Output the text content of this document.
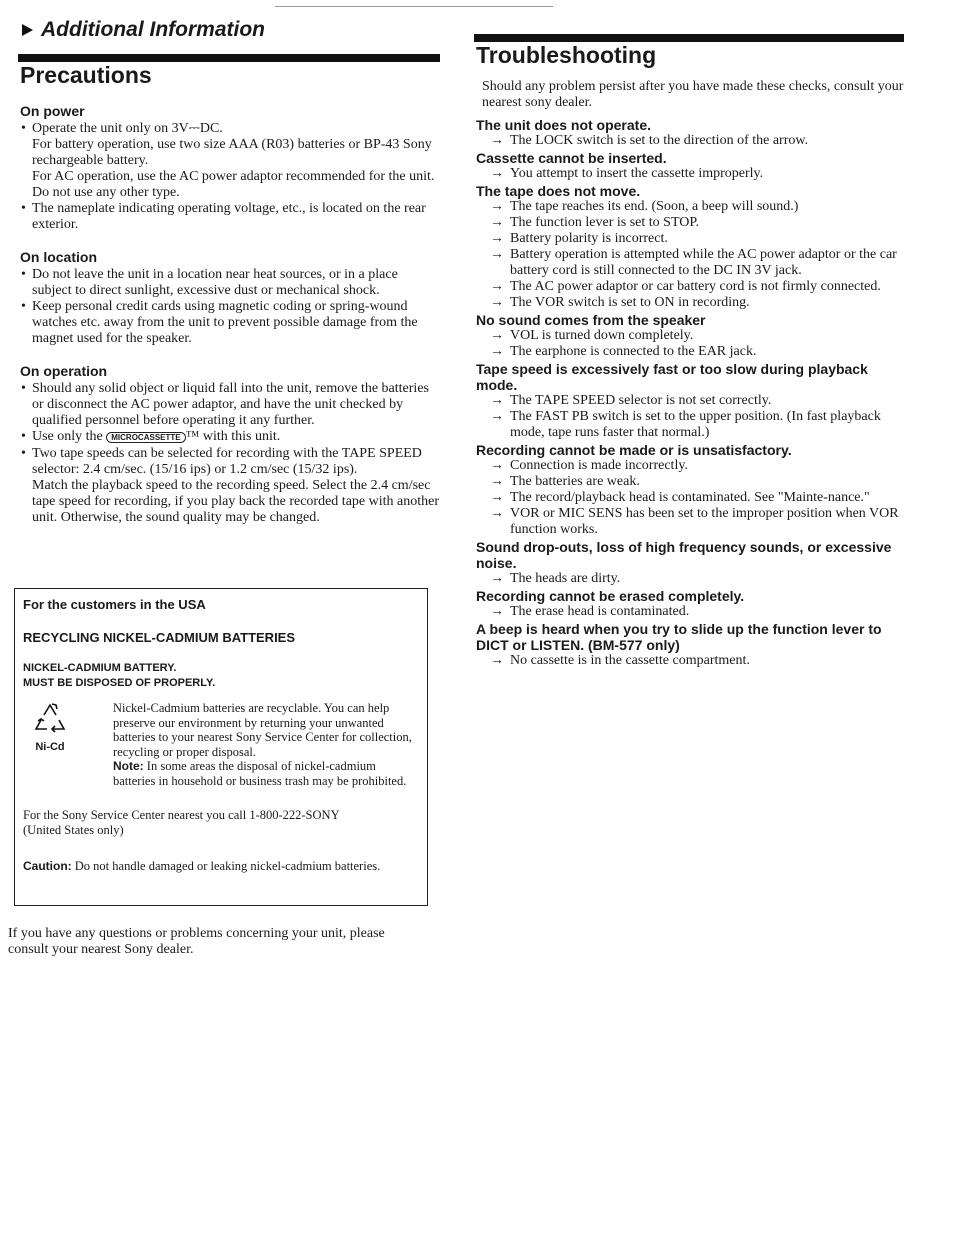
Additional Information
Precautions
On power
• Operate the unit only on 3V⎓DC.
For battery operation, use two size AAA (R03) batteries or BP-43 Sony rechargeable battery.
For AC operation, use the AC power adaptor recommended for the unit. Do not use any other type.
• The nameplate indicating operating voltage, etc., is located on the rear exterior.
On location
• Do not leave the unit in a location near heat sources, or in a place subject to direct sunlight, excessive dust or mechanical shock.
• Keep personal credit cards using magnetic coding or spring-wound watches etc. away from the unit to prevent possible damage from the magnet used for the speaker.
On operation
• Should any solid object or liquid fall into the unit, remove the batteries or disconnect the AC power adaptor, and have the unit checked by qualified personnel before operating it any further.
• Use only the MICROCASSETTE ™ with this unit.
• Two tape speeds can be selected for recording with the TAPE SPEED selector: 2.4 cm/sec. (15/16 ips) or 1.2 cm/sec (15/32 ips).
Match the playback speed to the recording speed. Select the 2.4 cm/sec tape speed for recording, if you play back the recorded tape with another unit. Otherwise, the sound quality may be changed.
For the customers in the USA
RECYCLING NICKEL-CADMIUM BATTERIES
NICKEL-CADMIUM BATTERY.
MUST BE DISPOSED OF PROPERLY.
Ni-Cd
Nickel-Cadmium batteries are recyclable. You can help preserve our environment by returning your unwanted batteries to your nearest Sony Service Center for collection, recycling or proper disposal.
Note: In some areas the disposal of nickel-cadmium batteries in household or business trash may be prohibited.
For the Sony Service Center nearest you call 1-800-222-SONY (United States only)
Caution: Do not handle damaged or leaking nickel-cadmium batteries.
If you have any questions or problems concerning your unit, please consult your nearest Sony dealer.
Troubleshooting
Should any problem persist after you have made these checks, consult your nearest sony dealer.
The unit does not operate.
→ The LOCK switch is set to the direction of the arrow.
Cassette cannot be inserted.
→ You attempt to insert the cassette improperly.
The tape does not move.
→ The tape reaches its end. (Soon, a beep will sound.)
→ The function lever is set to STOP.
→ Battery polarity is incorrect.
→ Battery operation is attempted while the AC power adaptor or the car battery cord is still connected to the DC IN 3V jack.
→ The AC power adaptor or car battery cord is not firmly connected.
→ The VOR switch is set to ON in recording.
No sound comes from the speaker
→ VOL is turned down completely.
→ The earphone is connected to the EAR jack.
Tape speed is excessively fast or too slow during playback mode.
→ The TAPE SPEED selector is not set correctly.
→ The FAST PB switch is set to the upper position. (In fast playback mode, tape runs faster that normal.)
Recording cannot be made or is unsatisfactory.
→ Connection is made incorrectly.
→ The batteries are weak.
→ The record/playback head is contaminated. See "Mainte-nance."
→ VOR or MIC SENS has been set to the improper position when VOR function works.
Sound drop-outs, loss of high frequency sounds, or excessive noise.
→ The heads are dirty.
Recording cannot be erased completely.
→ The erase head is contaminated.
A beep is heard when you try to slide up the function lever to DICT or LISTEN. (BM-577 only)
→ No cassette is in the cassette compartment.
